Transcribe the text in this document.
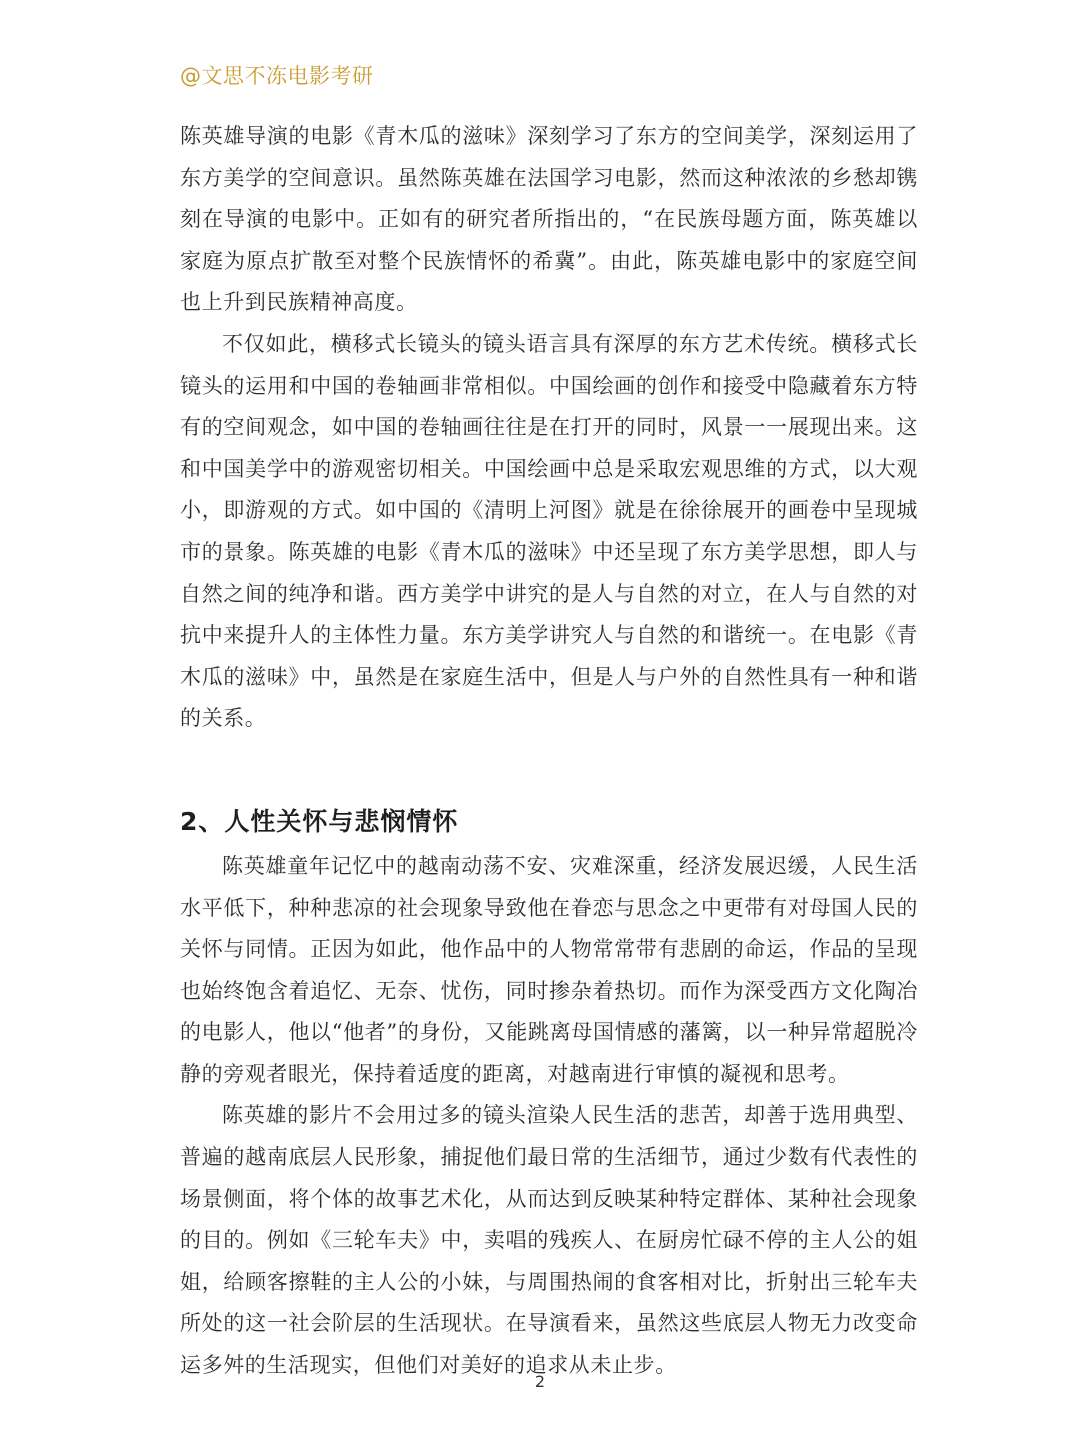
@文思不冻电影考研

陈英雄导演的电影《青木瓜的滋味》深刻学习了东方的空间美学，深刻运用了东方美学的空间意识。虽然陈英雄在法国学习电影，然而这种浓浓的乡愁却镌刻在导演的电影中。正如有的研究者所指出的，“在民族母题方面，陈英雄以家庭为原点扩散至对整个民族情怀的希冀”。由此，陈英雄电影中的家庭空间也上升到民族精神高度。

不仅如此，横移式长镜头的镜头语言具有深厚的东方艺术传统。横移式长镜头的运用和中国的卷轴画非常相似。中国绘画的创作和接受中隐藏着东方特有的空间观念，如中国的卷轴画往往是在打开的同时，风景一一展现出来。这和中国美学中的游观密切相关。中国绘画中总是采取宏观思维的方式，以大观小，即游观的方式。如中国的《清明上河图》就是在徐徐展开的画卷中呈现城市的景象。陈英雄的电影《青木瓜的滋味》中还呈现了东方美学思想，即人与自然之间的纯净和谐。西方美学中讲究的是人与自然的对立，在人与自然的对抗中来提升人的主体性力量。东方美学讲究人与自然的和谐统一。在电影《青木瓜的滋味》中，虽然是在家庭生活中，但是人与户外的自然性具有一种和谐的关系。

2、人性关怀与悲悯情怀

陈英雄童年记忆中的越南动荡不安、灾难深重，经济发展迟缓，人民生活水平低下，种种悲凉的社会现象导致他在眷恋与思念之中更带有对母国人民的关怀与同情。正因为如此，他作品中的人物常常带有悲剧的命运，作品的呈现也始终饱含着追忆、无奈、忧伤，同时掺杂着热切。而作为深受西方文化陶冶的电影人，他以“他者”的身份，又能跳离母国情感的藩篱，以一种异常超脱冷静的旁观者眼光，保持着适度的距离，对越南进行审慎的凝视和思考。

陈英雄的影片不会用过多的镜头渲染人民生活的悲苦，却善于选用典型、普遍的越南底层人民形象，捕捉他们最日常的生活细节，通过少数有代表性的场景侧面，将个体的故事艺术化，从而达到反映某种特定群体、某种社会现象的目的。例如《三轮车夫》中，卖唱的残疾人、在厨房忙碌不停的主人公的姐姐，给顾客擦鞋的主人公的小妹，与周围热闹的食客相对比，折射出三轮车夫所处的这一社会阶层的生活现状。在导演看来，虽然这些底层人物无力改变命运多舛的生活现实，但他们对美好的追求从未止步。

2
